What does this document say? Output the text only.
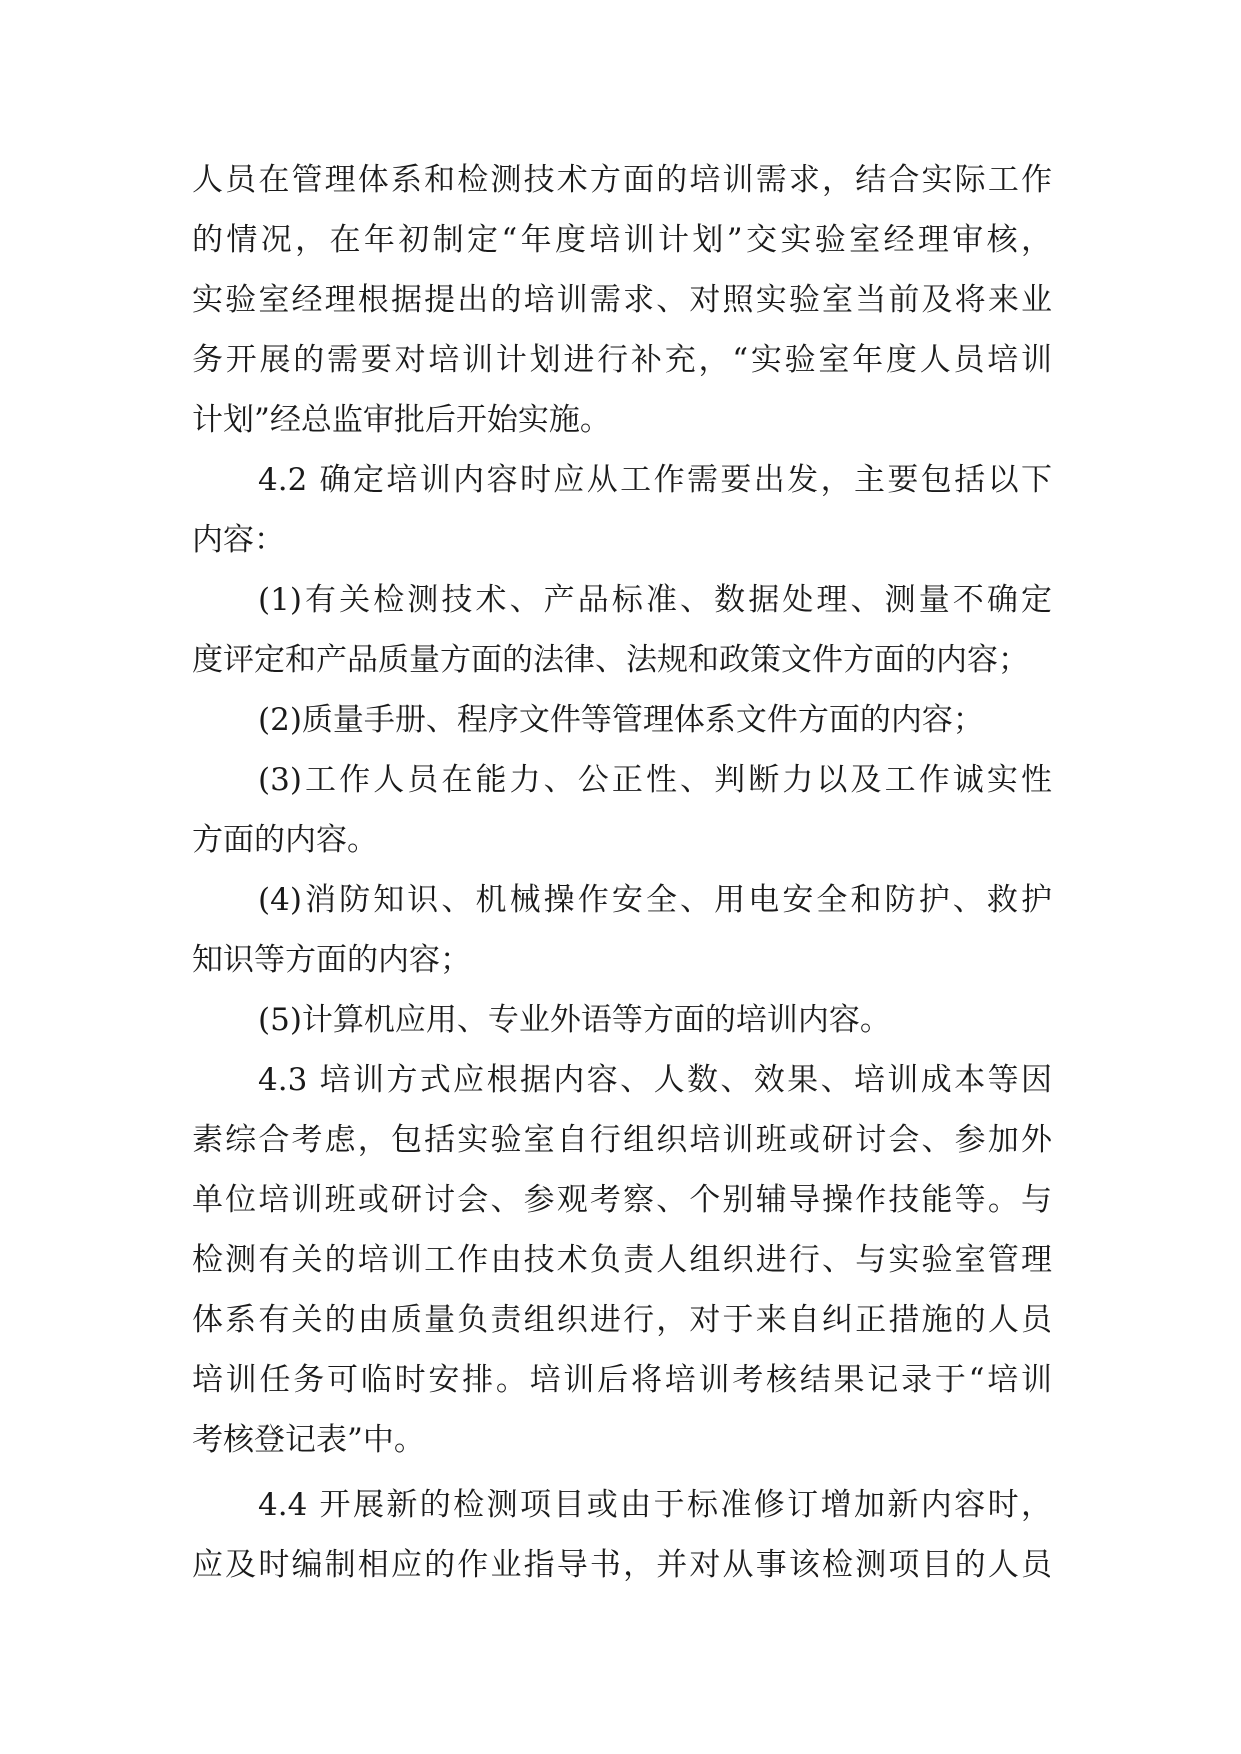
人员在管理体系和检测技术方面的培训需求，结合实际工作
的情况，在年初制定“年度培训计划”交实验室经理审核，
实验室经理根据提出的培训需求、对照实验室当前及将来业
务开展的需要对培训计划进行补充，“实验室年度人员培训
计划”经总监审批后开始实施。
4.2 确定培训内容时应从工作需要出发，主要包括以下
内容：
(1)有关检测技术、产品标准、数据处理、测量不确定
度评定和产品质量方面的法律、法规和政策文件方面的内容；
(2)质量手册、程序文件等管理体系文件方面的内容；
(3)工作人员在能力、公正性、判断力以及工作诚实性
方面的内容。
(4)消防知识、机械操作安全、用电安全和防护、救护
知识等方面的内容；
(5)计算机应用、专业外语等方面的培训内容。
4.3 培训方式应根据内容、人数、效果、培训成本等因
素综合考虑，包括实验室自行组织培训班或研讨会、参加外
单位培训班或研讨会、参观考察、个别辅导操作技能等。与
检测有关的培训工作由技术负责人组织进行、与实验室管理
体系有关的由质量负责组织进行，对于来自纠正措施的人员
培训任务可临时安排。培训后将培训考核结果记录于“培训
考核登记表”中。
4.4 开展新的检测项目或由于标准修订增加新内容时，
应及时编制相应的作业指导书，并对从事该检测项目的人员
